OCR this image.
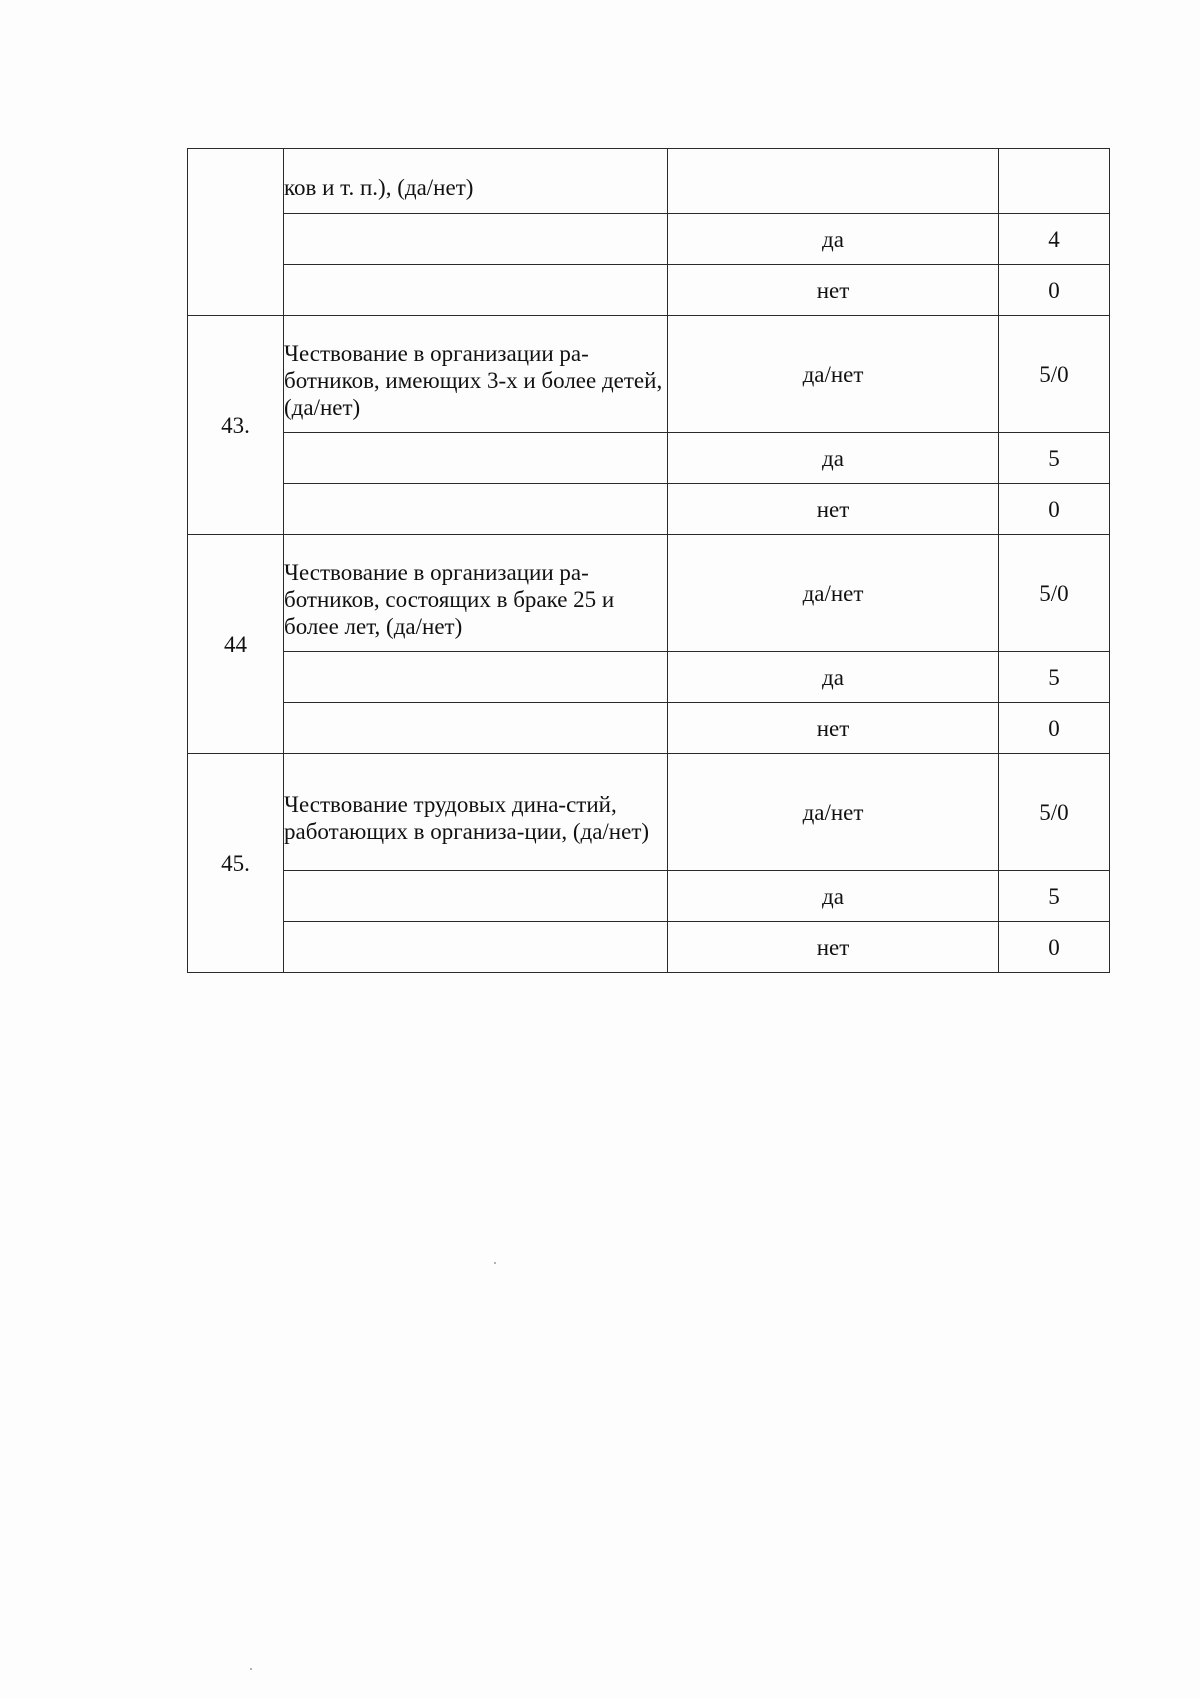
	ков и т. п.), (да/нет)		
		да	4
		нет	0
43.	Чествование в организации ра-ботников, имеющих 3-х и более детей, (да/нет)	да/нет	5/0
		да	5
		нет	0
44	Чествование в организации ра-ботников, состоящих в браке 25 и более лет, (да/нет)	да/нет	5/0
		да	5
		нет	0
45.	Чествование трудовых дина-стий, работающих в организа-ции, (да/нет)	да/нет	5/0
		да	5
		нет	0
